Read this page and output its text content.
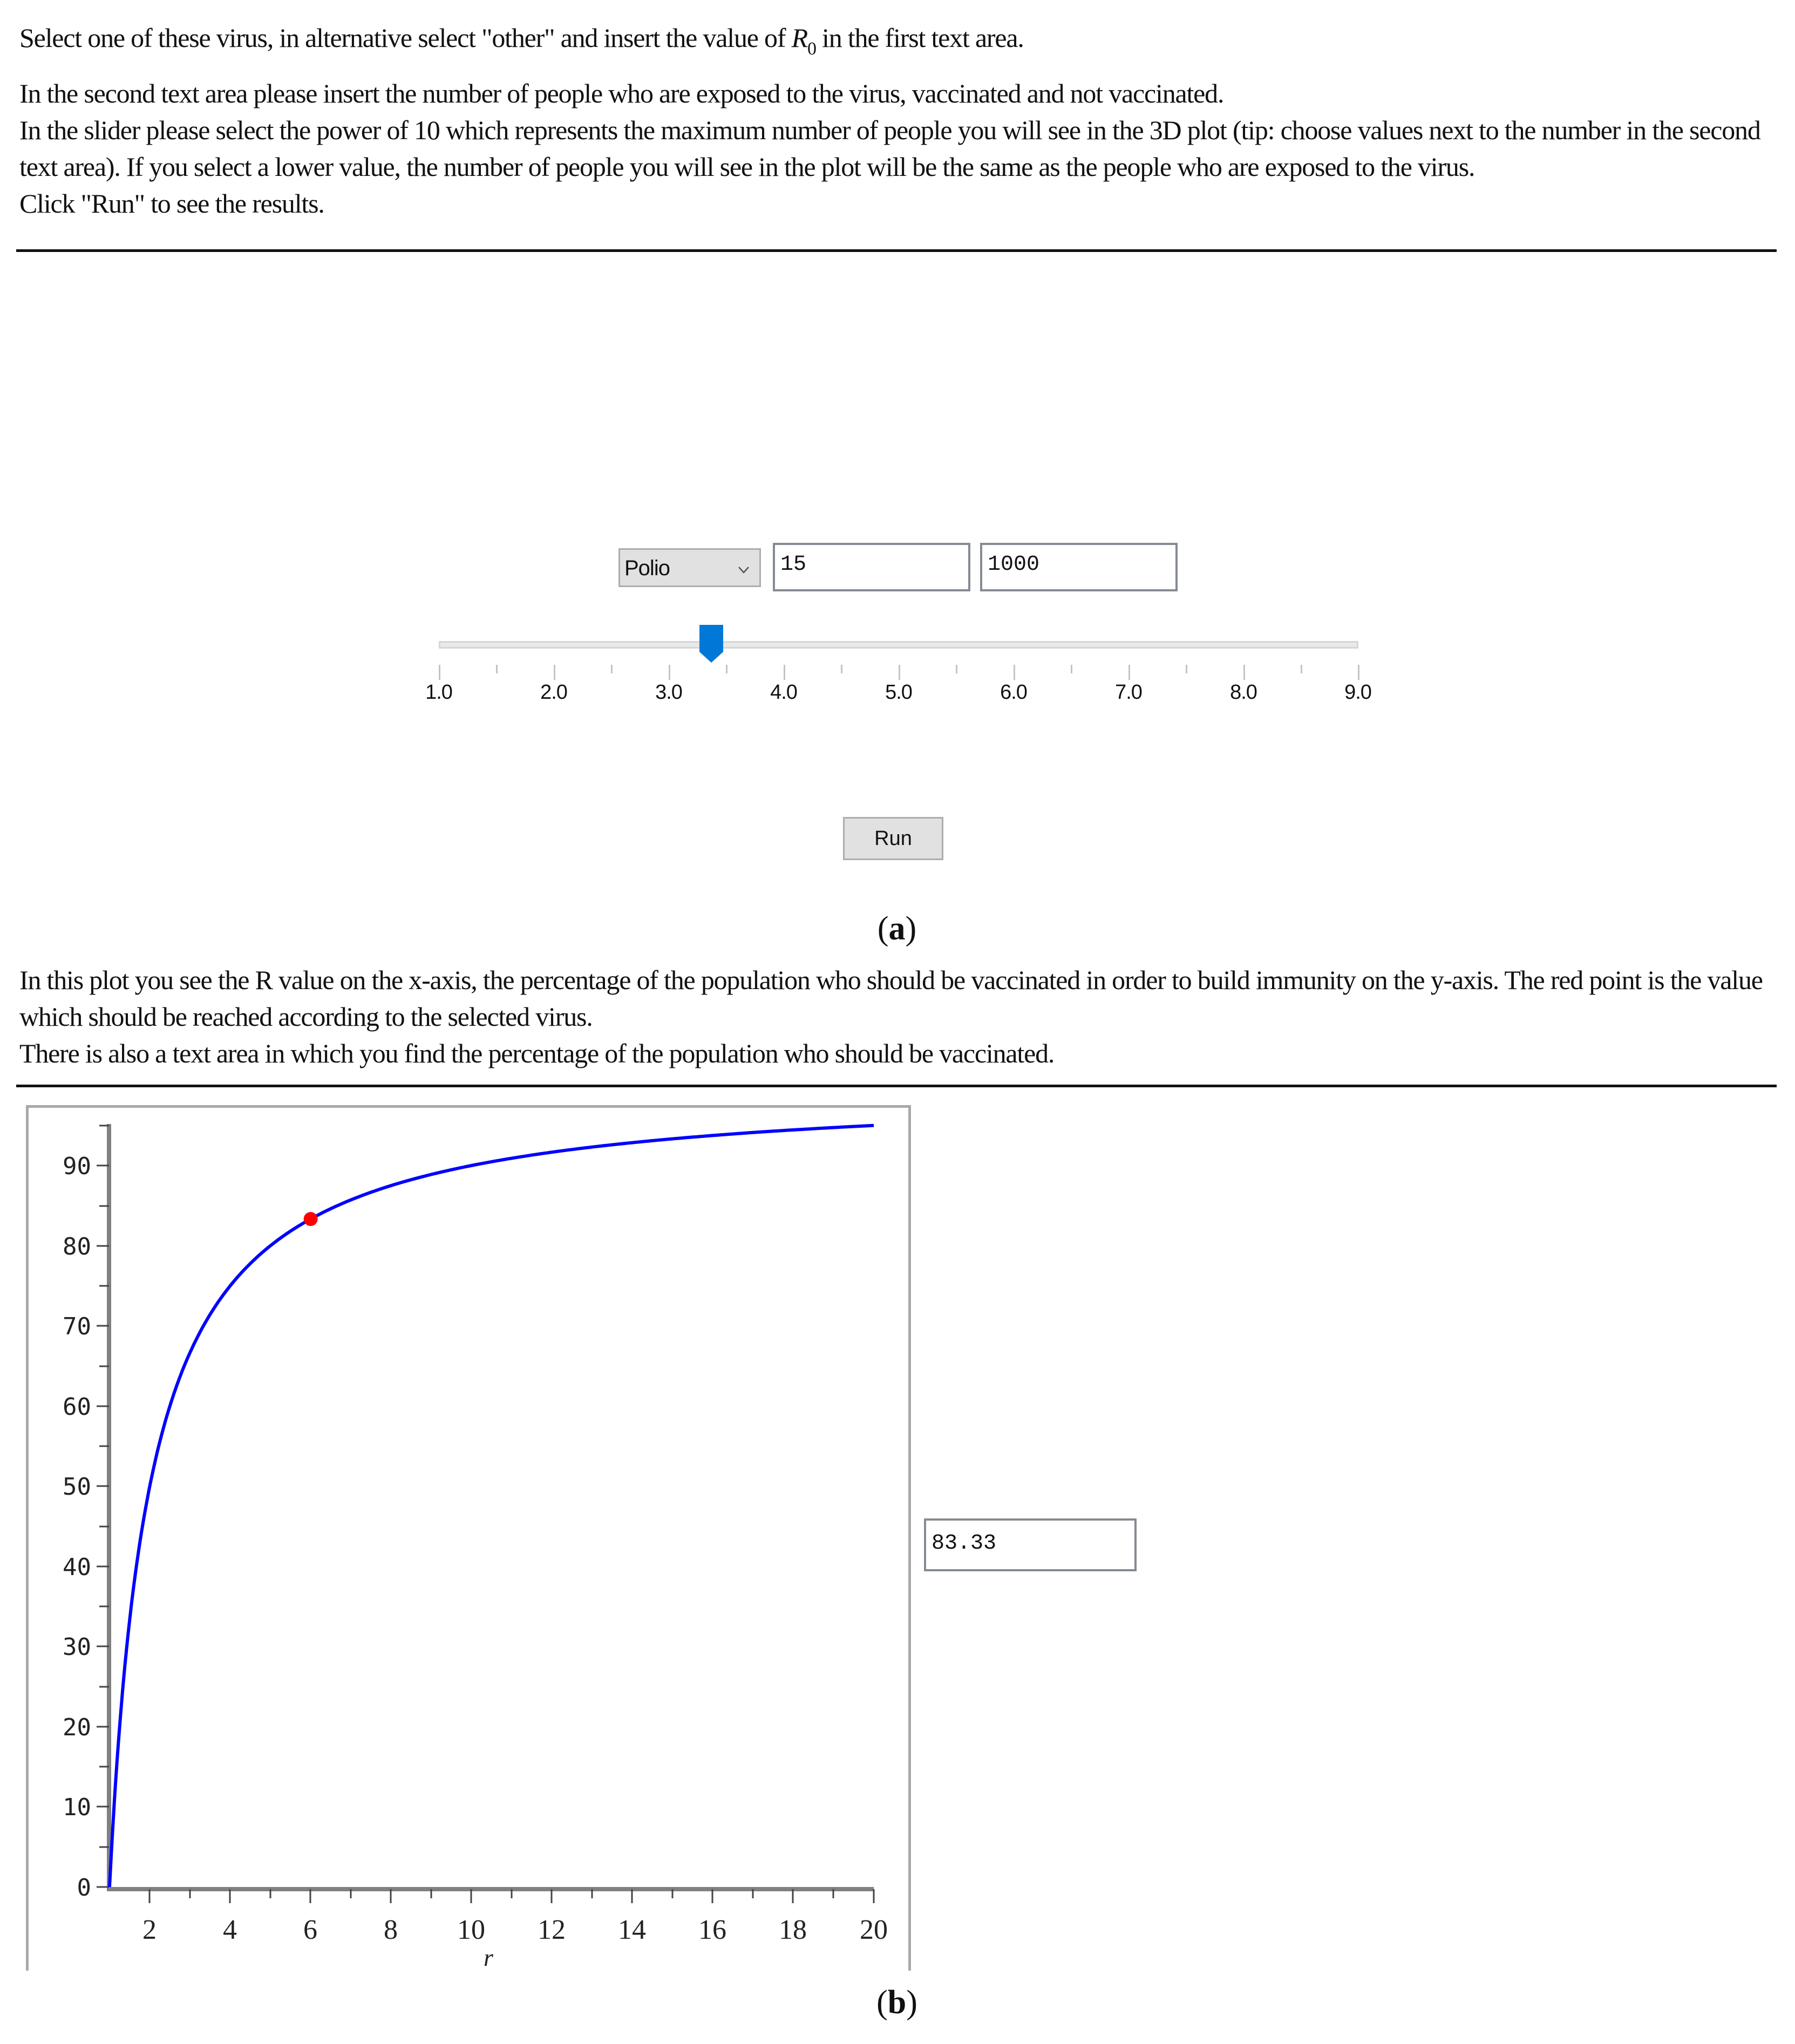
Select one of these virus, in alternative select "other" and insert the value of $R_0$ in the first text area.

In the second text area please insert the number of people who are exposed to the virus, vaccinated and not vaccinated.

In the slider please select the power of 10 which represents the maximum number of people you will see in the 3D plot (tip: choose values next to the number in the second text area). If you select a lower value, the number of people you will see in the plot will be the same as the people who are exposed to the virus.

Click "Run" to see the results.

Polio	15	1000
1.0	2.0	3.0	4.0	5.0	6.0	7.0	8.0	9.0
Run
(a)

In this plot you see the R value on the x-axis, the percentage of the population who should be vaccinated in order to build immunity on the y-axis. The red point is the value which should be reached according to the selected virus.

There is also a text area in which you find the percentage of the population who should be vaccinated.

0
10
20
30
40
50
60
70
80
90
2 4 6 8 10 12 14 16 18 20
r
83.33
(b)
